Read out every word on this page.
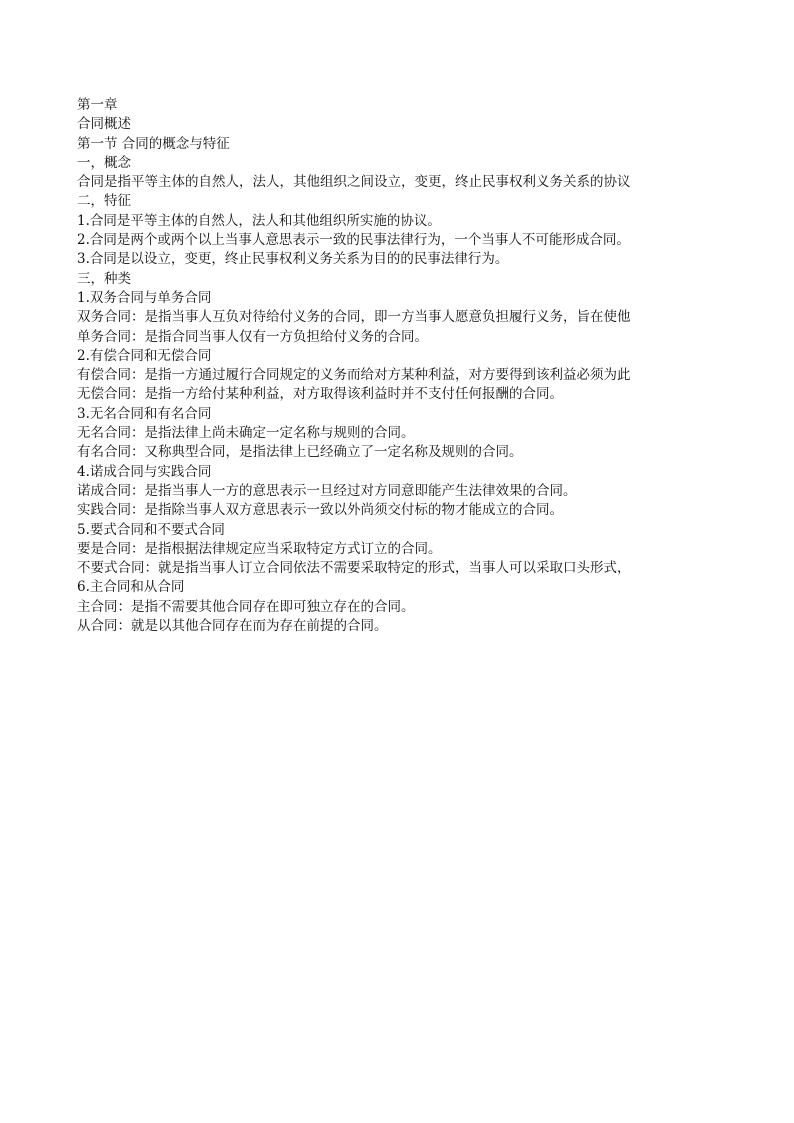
第一章

合同概述

第一节 合同的概念与特征

一，概念

合同是指平等主体的自然人，法人，其他组织之间设立，变更，终止民事权利义务关系的协议

二，特征

1.合同是平等主体的自然人，法人和其他组织所实施的协议。

2.合同是两个或两个以上当事人意思表示一致的民事法律行为，一个当事人不可能形成合同。

3.合同是以设立，变更，终止民事权利义务关系为目的的民事法律行为。

三，种类

1.双务合同与单务合同

双务合同：是指当事人互负对待给付义务的合同，即一方当事人愿意负担履行义务，旨在使他

单务合同：是指合同当事人仅有一方负担给付义务的合同。

2.有偿合同和无偿合同

有偿合同：是指一方通过履行合同规定的义务而给对方某种利益，对方要得到该利益必须为此

无偿合同：是指一方给付某种利益，对方取得该利益时并不支付任何报酬的合同。

3.无名合同和有名合同

无名合同：是指法律上尚未确定一定名称与规则的合同。

有名合同：又称典型合同，是指法律上已经确立了一定名称及规则的合同。

4.诺成合同与实践合同

诺成合同：是指当事人一方的意思表示一旦经过对方同意即能产生法律效果的合同。

实践合同：是指除当事人双方意思表示一致以外尚须交付标的物才能成立的合同。

5.要式合同和不要式合同

要是合同：是指根据法律规定应当采取特定方式订立的合同。

不要式合同：就是指当事人订立合同依法不需要采取特定的形式，当事人可以采取口头形式，

6.主合同和从合同

主合同：是指不需要其他合同存在即可独立存在的合同。

从合同：就是以其他合同存在而为存在前提的合同。
